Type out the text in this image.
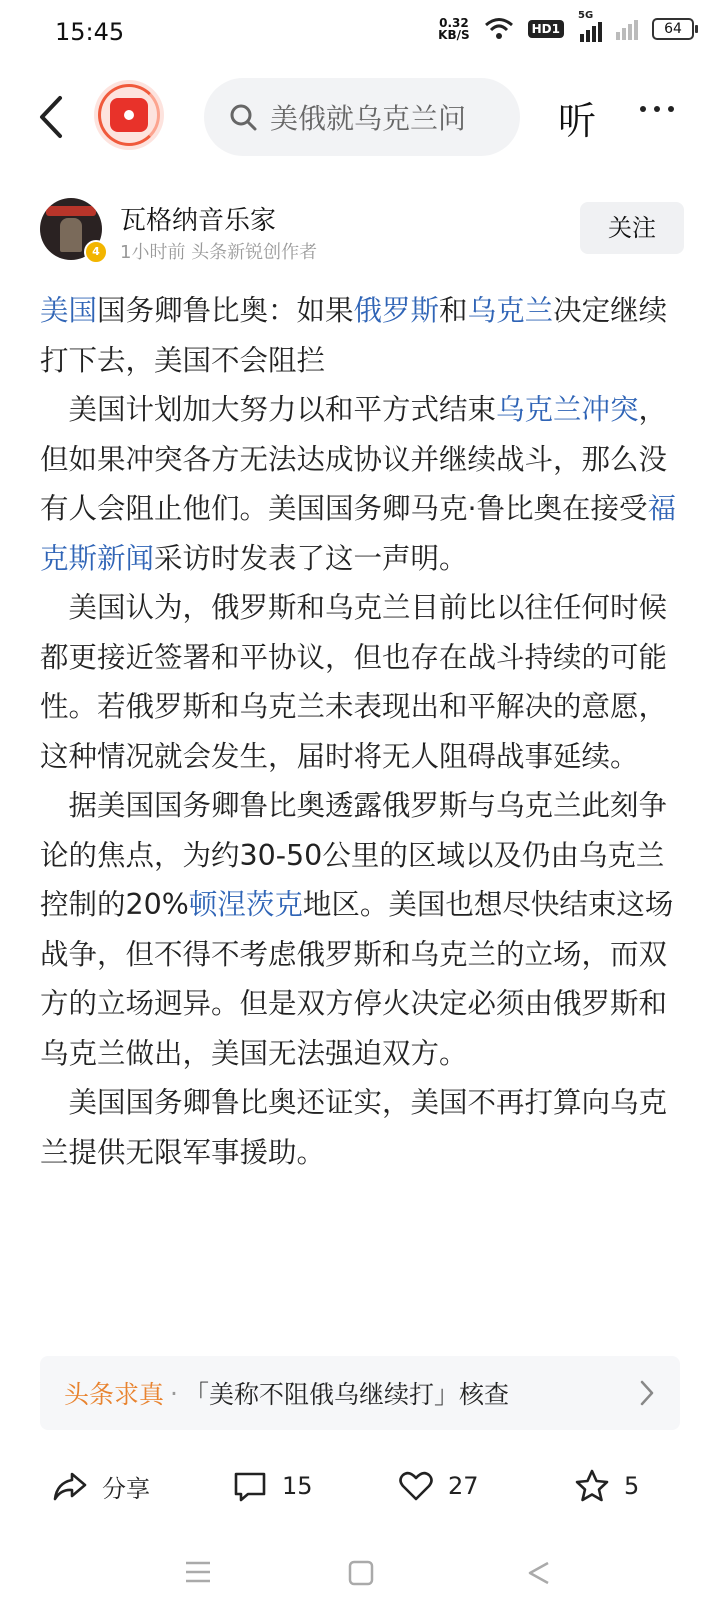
15:45	0.32
KB/S	HD1
5G
64
美俄就乌克兰问	听
4
瓦格纳音乐家
1小时前 头条新锐创作者
关注

美国国务卿鲁比奥：如果俄罗斯和乌克兰决定继续打下去，美国不会阻拦

　美国计划加大努力以和平方式结束乌克兰冲突，但如果冲突各方无法达成协议并继续战斗，那么没有人会阻止他们。美国国务卿马克·鲁比奥在接受福克斯新闻采访时发表了这一声明。

　美国认为，俄罗斯和乌克兰目前比以往任何时候都更接近签署和平协议，但也存在战斗持续的可能性。若俄罗斯和乌克兰未表现出和平解决的意愿，这种情况就会发生，届时将无人阻碍战事延续。

　据美国国务卿鲁比奥透露俄罗斯与乌克兰此刻争论的焦点，为约30-50公里的区域以及仍由乌克兰控制的20%顿涅茨克地区。美国也想尽快结束这场战争，但不得不考虑俄罗斯和乌克兰的立场，而双方的立场迥异。但是双方停火决定必须由俄罗斯和乌克兰做出，美国无法强迫双方。

　美国国务卿鲁比奥还证实，美国不再打算向乌克兰提供无限军事援助。

头条求真 · 「美称不阻俄乌继续打」核查
分享	15	27	5
